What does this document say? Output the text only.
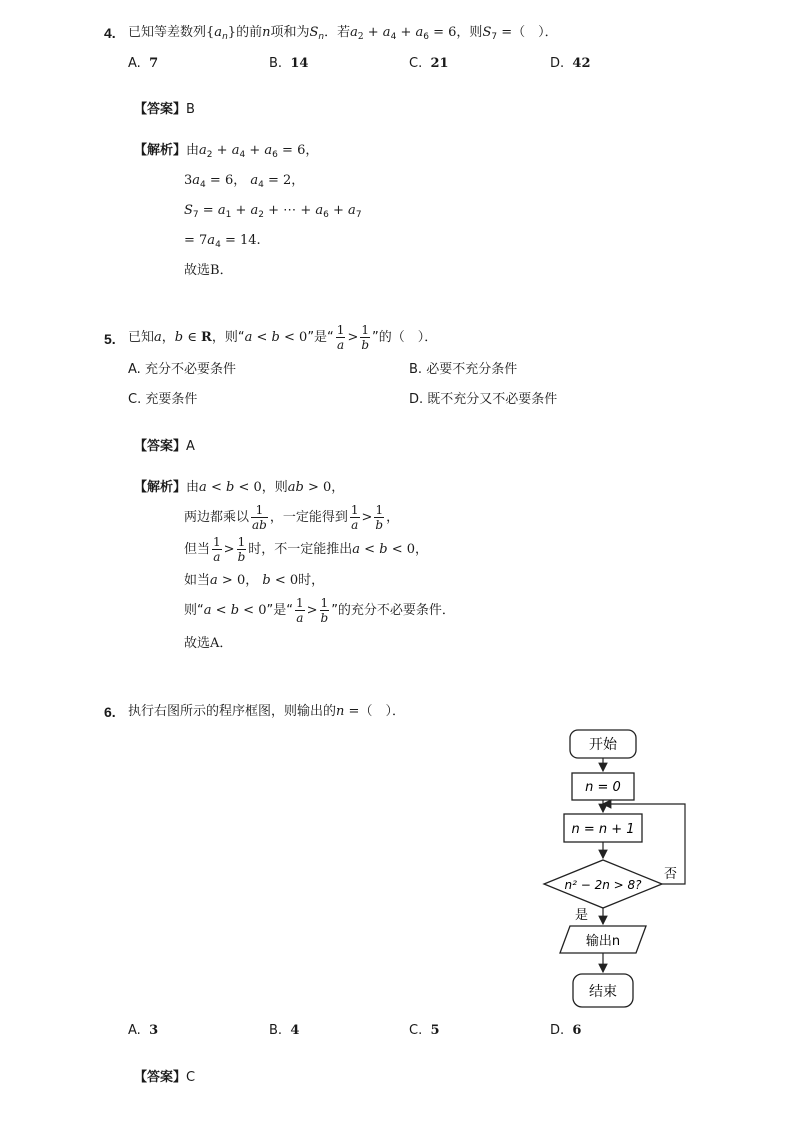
4. 已知等差数列$\{a_n\}$的前n项和为$S_n$．若$a_2 + a_4 + a_6 = 6$，则$S_7$ =（　）．
A. 7	B. 14	C. 21	D. 42
【答案】B
【解析】由$a_2 + a_4 + a_6 = 6$，
$3a_4 = 6$， $a_4 = 2$，
$S_7 = a_1 + a_2$ + ⋯ + $a_6 + a_7$
= $7a_4 = 14$.
故选B．
5. 已知a，b ∈ R，则“a < b < 0”是“ $\frac{1}{a} > \frac{1}{b}$ ”的（　）．
A. 充分不必要条件	B. 必要不充分条件
C. 充要条件	D. 既不充分又不必要条件
【答案】A
【解析】由a < b < 0，则ab > 0，
两边都乘以 $\frac{1}{ab}$ ，一定能得到 $\frac{1}{a} > \frac{1}{b}$ ，
但当 $\frac{1}{a} > \frac{1}{b}$ 时，不一定能推出a < b < 0，
如当a > 0， b < 0时，
则“a < b < 0”是“ $\frac{1}{a} > \frac{1}{b}$ ”的充分不必要条件．
故选A．
6. 执行右图所示的程序框图，则输出的n =（　）．
开始
n = 0
n = n + 1
n² − 2n > 8?
否
是
输出n
结束
A. 3	B. 4	C. 5	D. 6
【答案】C
